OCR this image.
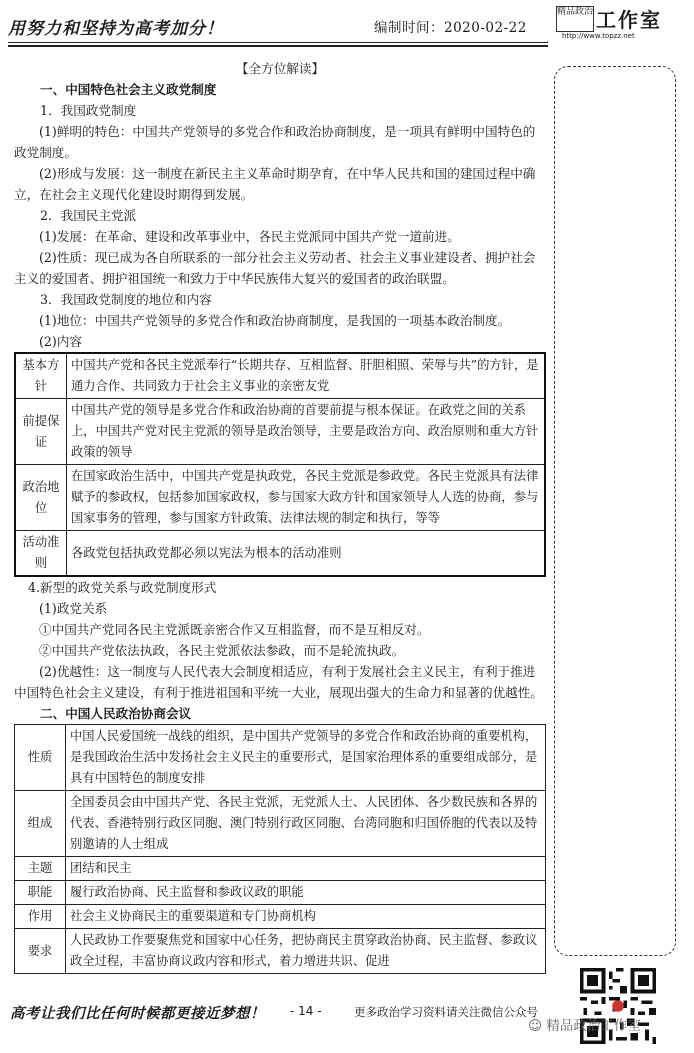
用努力和坚持为高考加分！	编制时间：2020-02-22
精品政治 工作室
http://www.topzz.net

【全方位解读】

一、中国特色社会主义政党制度

1．我国政党制度

(1)鲜明的特色：中国共产党领导的多党合作和政治协商制度，是一项具有鲜明中国特色的政党制度。

(2)形成与发展：这一制度在新民主主义革命时期孕育，在中华人民共和国的建国过程中确立，在社会主义现代化建设时期得到发展。

2．我国民主党派

(1)发展：在革命、建设和改革事业中，各民主党派同中国共产党一道前进。

(2)性质：现已成为各自所联系的一部分社会主义劳动者、社会主义事业建设者、拥护社会主义的爱国者、拥护祖国统一和致力于中华民族伟大复兴的爱国者的政治联盟。

3．我国政党制度的地位和内容

(1)地位：中国共产党领导的多党合作和政治协商制度，是我国的一项基本政治制度。

(2)内容

基本方针	中国共产党和各民主党派奉行“长期共存、互相监督、肝胆相照、荣辱与共”的方针，是通力合作、共同致力于社会主义事业的亲密友党
前提保证	中国共产党的领导是多党合作和政治协商的首要前提与根本保证。在政党之间的关系上，中国共产党对民主党派的领导是政治领导，主要是政治方向、政治原则和重大方针政策的领导
政治地位	在国家政治生活中，中国共产党是执政党，各民主党派是参政党。各民主党派具有法律赋予的参政权，包括参加国家政权，参与国家大政方针和国家领导人人选的协商，参与国家事务的管理，参与国家方针政策、法律法规的制定和执行，等等
活动准则	各政党包括执政党都必须以宪法为根本的活动准则

4.新型的政党关系与政党制度形式

(1)政党关系

①中国共产党同各民主党派既亲密合作又互相监督，而不是互相反对。

②中国共产党依法执政，各民主党派依法参政，而不是轮流执政。

(2)优越性：这一制度与人民代表大会制度相适应，有利于发展社会主义民主，有利于推进中国特色社会主义建设，有利于推进祖国和平统一大业，展现出强大的生命力和显著的优越性。

二、中国人民政治协商会议

性质	中国人民爱国统一战线的组织，是中国共产党领导的多党合作和政治协商的重要机构，是我国政治生活中发扬社会主义民主的重要形式，是国家治理体系的重要组成部分，是具有中国特色的制度安排
组成	全国委员会由中国共产党、各民主党派，无党派人士、人民团体、各少数民族和各界的代表、香港特别行政区同胞、澳门特别行政区同胞、台湾同胞和归国侨胞的代表以及特别邀请的人士组成
主题	团结和民主
职能	履行政治协商、民主监督和参政议政的职能
作用	社会主义协商民主的重要渠道和专门协商机构
要求	人民政协工作要聚焦党和国家中心任务，把协商民主贯穿政治协商、民主监督、参政议政全过程，丰富协商议政内容和形式，着力增进共识、促进
高考让我们比任何时候都更接近梦想！ - 14 -	更多政治学习资料请关注微信公众号
☺ 精品政治工作室
